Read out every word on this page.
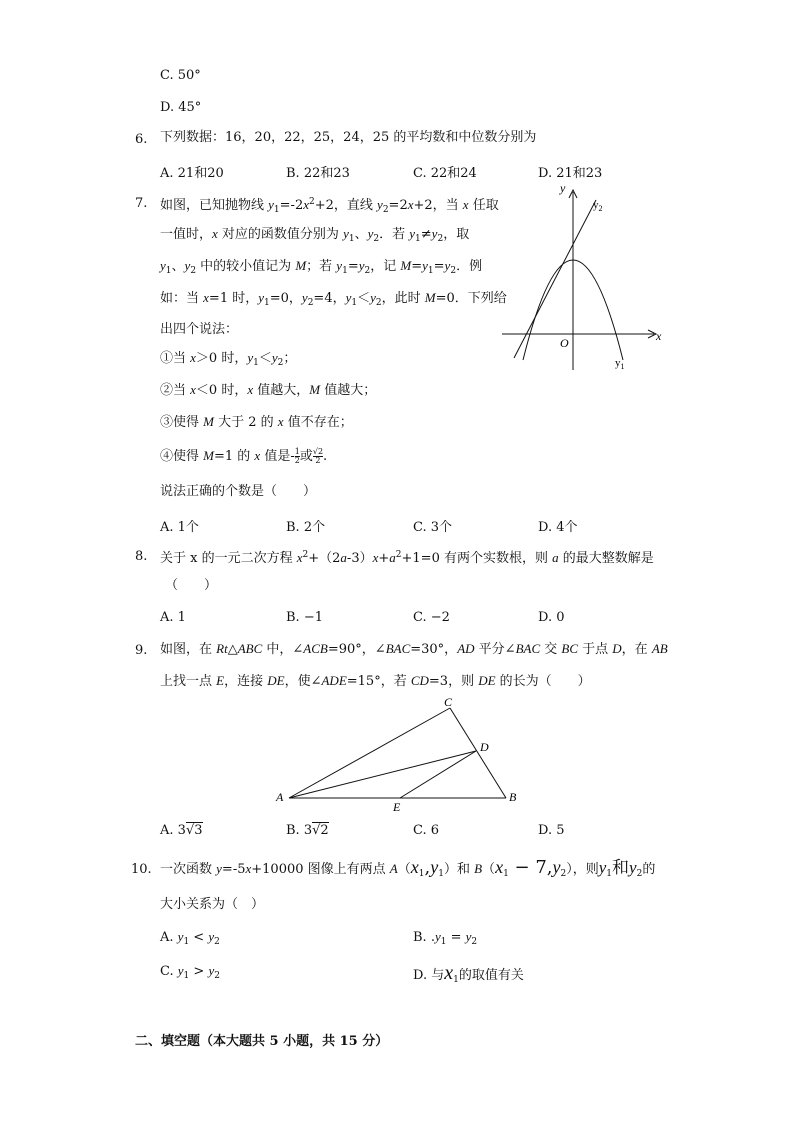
C. 50°
D. 45°
6. 下列数据：16，20，22，25，24，25 的平均数和中位数分别为
A. 21和20	B. 22和23	C. 22和24	D. 21和23
7. 如图，已知抛物线 $y_1=-2x^2+2$，直线 $y_2=2x+2$，当 x 任取
一值时，x 对应的函数值分别为 $y_1$、$y_2$．若 $y_1\ne y_2$，取
$y_1$、$y_2$ 中的较小值记为 M；若 $y_1=y_2$，记 $M=y_1=y_2$．例
如：当 x=1 时，$y_1=0$，$y_2=4$，$y_1<y_2$，此时 M=0．下列给
出四个说法：
①当 x＞0 时，$y_1<y_2$；
②当 x＜0 时，x 值越大，M 值越大；
③使得 M 大于 2 的 x 值不存在；
④使得 M=1 的 x 值是- $\frac{1}{2}$ 或 $\frac{√2}{2}$ .
说法正确的个数是（　　）
A. 1个	B. 2个	C. 3个	D. 4个
x
y
O
$y_2$
$y_1$
8. 关于 x 的一元二次方程 $x^2+(2a-3)x+a^2+1=0$ 有两个实数根，则 a 的最大整数解是
（　　）
A. 1	B. −1	C. −2	D. 0
9. 如图，在 Rt△ABC 中，∠ACB=90°，∠BAC=30°，AD 平分∠BAC 交 BC 于点 D，在 AB
上找一点 E，连接 DE，使∠ADE=15°，若 CD=3，则 DE 的长为（　　）
A	B
C
D
E
A. 3√3	B. 3√2	C. 6	D. 5
10. 一次函数 y=-5x+10000 图像上有两点 $A(x_1,y_1)$和 $B(x_1 - 7,y_2)$，则$y_1$和$y_2$的
大小关系为（　）
A. $y_1 < y_2$	B. $.y_1 = y_2$
C. $y_1 > y_2$	D. 与$x_1$的取值有关
二、填空题（本大题共 5 小题，共 15 分）
